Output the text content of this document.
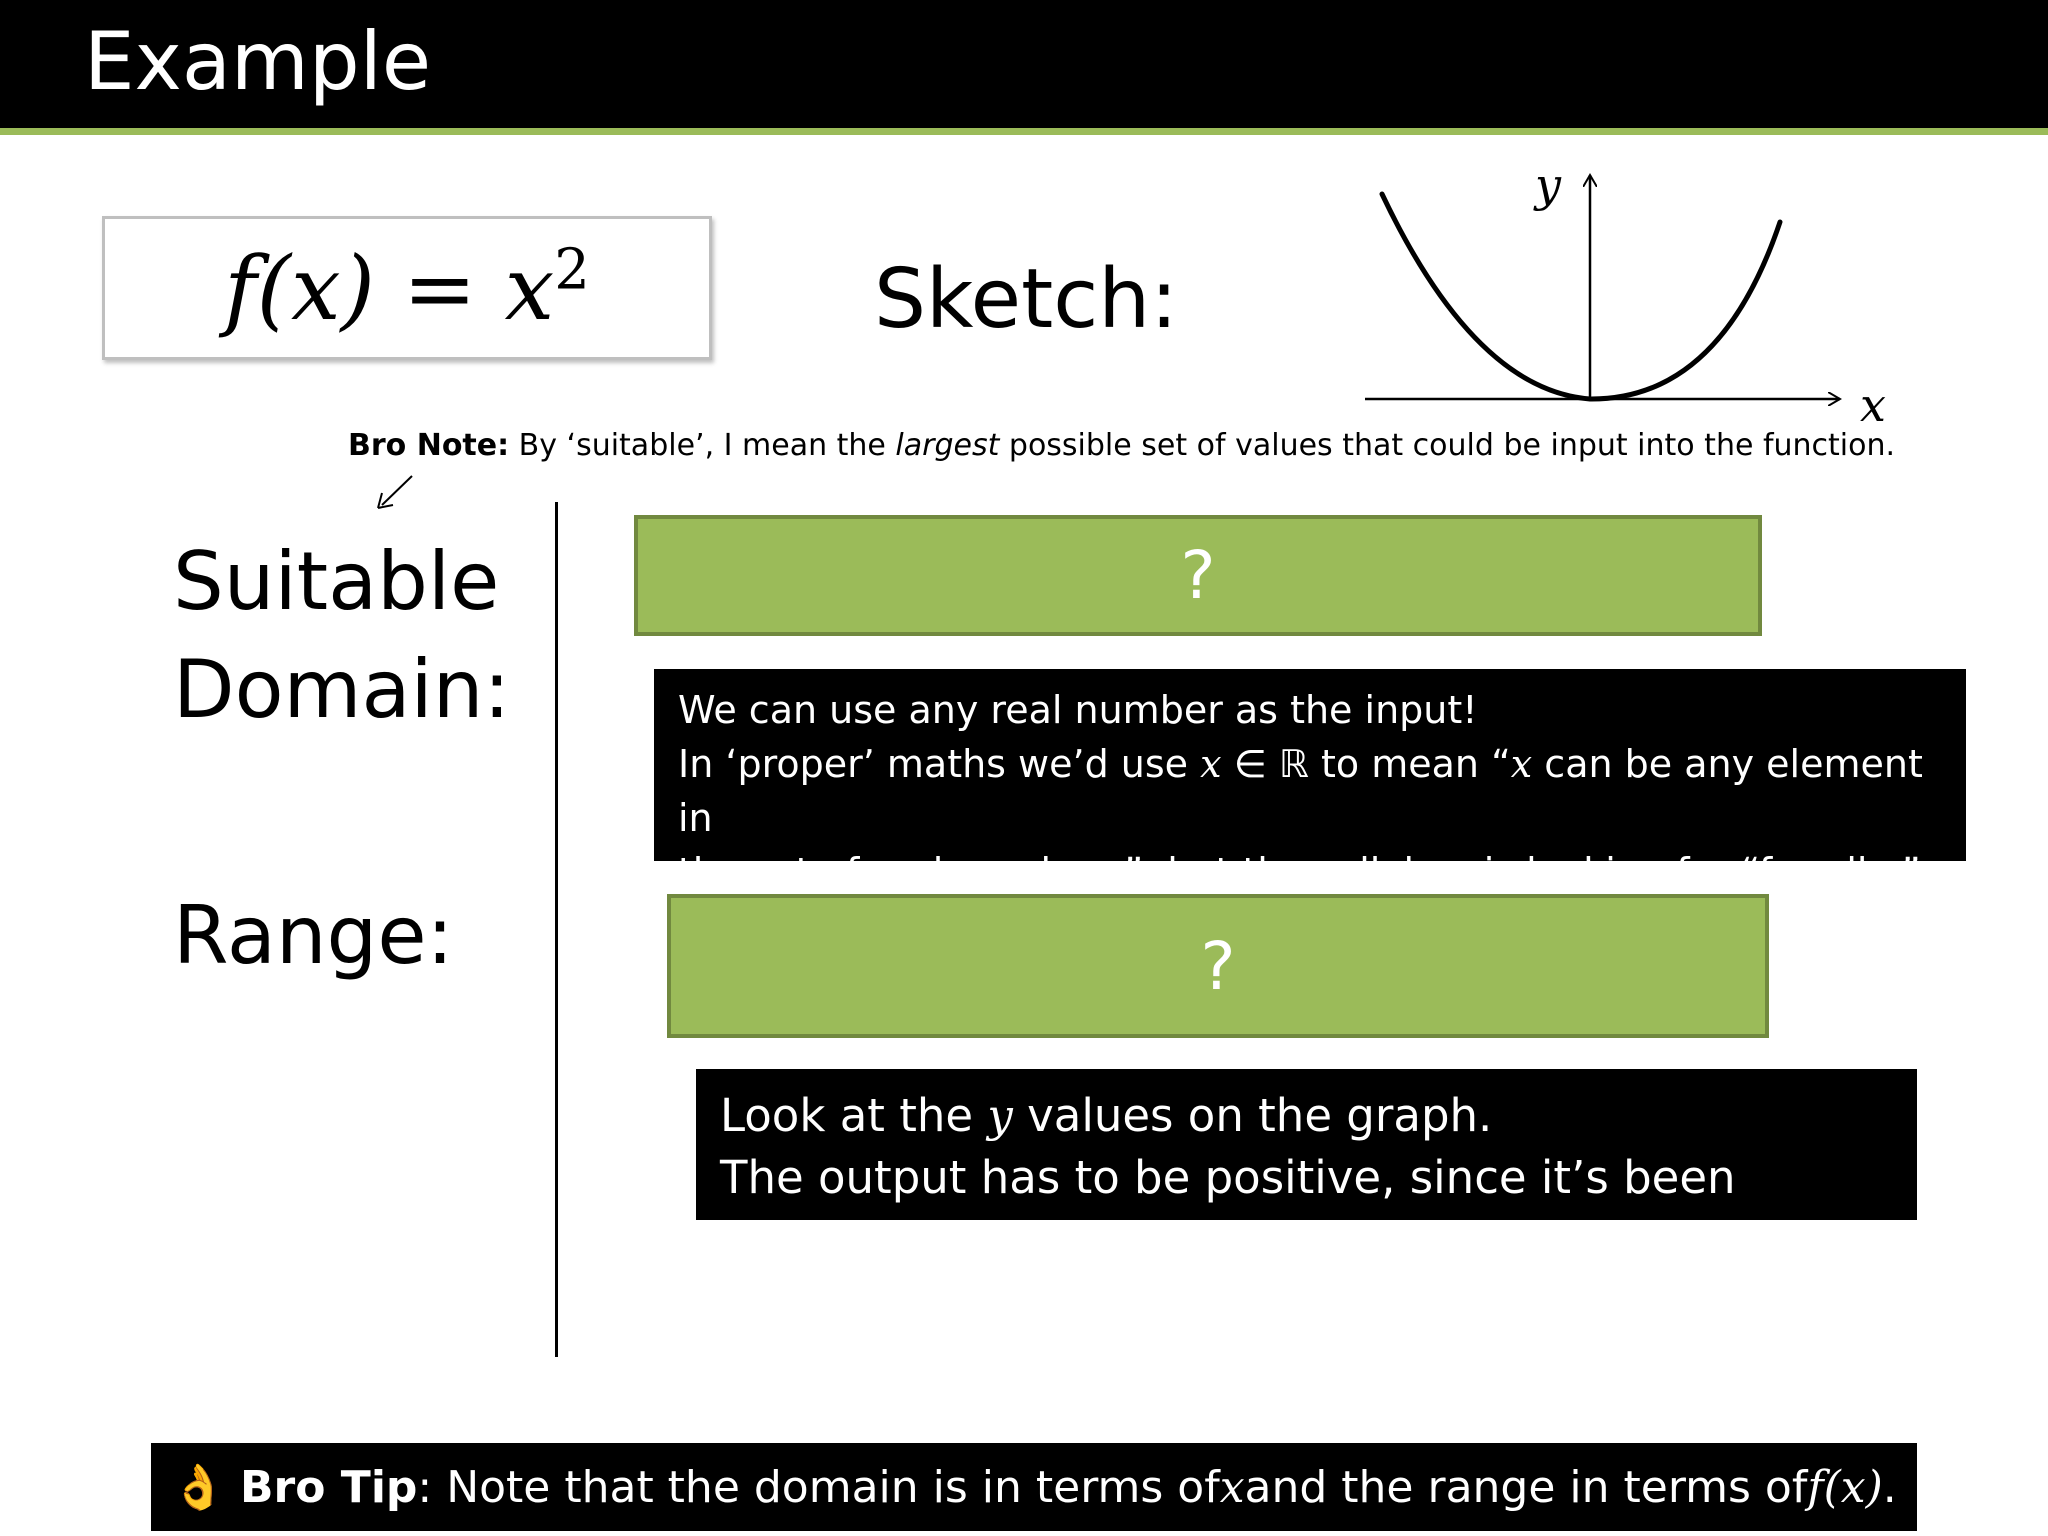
Example
$f(x) = x^2$	Sketch:
y
x
Bro Note: By ‘suitable’, I mean the largest possible set of values that could be input into the function.
Suitable
Domain:
?
We can use any real number as the input!
In ‘proper’ maths we’d use x ∈ ℝ to mean “x can be any element in
the set of real numbers”, but the syllabus is looking for “for all x”.
Range:	?
Look at the y values on the graph.
The output has to be positive, since it’s been squared.
👌
Bro Tip : Note that the domain is in terms of x and the range in terms of f(x) .
